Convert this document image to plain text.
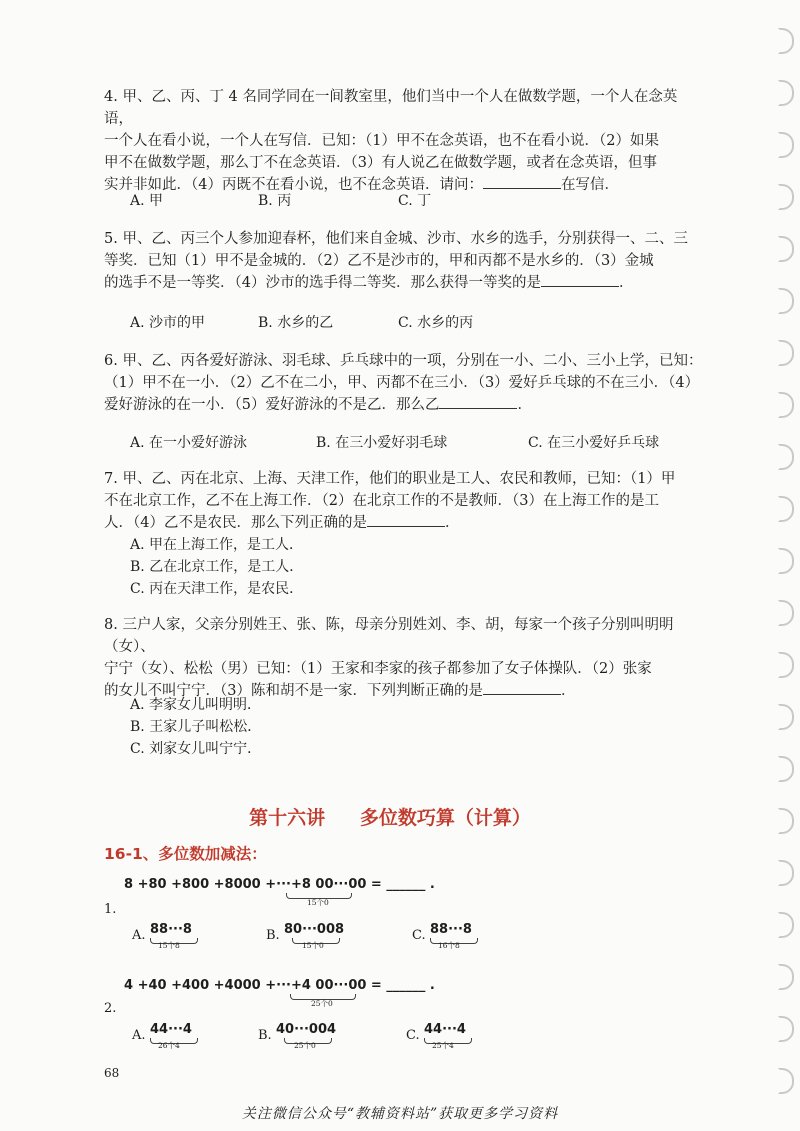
4. 甲、乙、丙、丁 4 名同学同在一间教室里，他们当中一个人在做数学题，一个人在念英语，

一个人在看小说，一个人在写信．已知：（1）甲不在念英语，也不在看小说．（2）如果

甲不在做数学题，那么丁不在念英语．（3）有人说乙在做数学题，或者在念英语，但事

实并非如此．（4）丙既不在看小说，也不在念英语．请问：	在写信．

A. 甲	B. 丙	C. 丁

5. 甲、乙、丙三个人参加迎春杯，他们来自金城、沙市、水乡的选手，分别获得一、二、三

等奖．已知（1）甲不是金城的．（2）乙不是沙市的，甲和丙都不是水乡的．（3）金城

的选手不是一等奖．（4）沙市的选手得二等奖．那么获得一等奖的是	．

A. 沙市的甲	B. 水乡的乙	C. 水乡的丙

6. 甲、乙、丙各爱好游泳、羽毛球、乒乓球中的一项，分别在一小、二小、三小上学，已知：

（1）甲不在一小．（2）乙不在二小，甲、丙都不在三小．（3）爱好乒乓球的不在三小．（4）

爱好游泳的在一小．（5）爱好游泳的不是乙．那么乙	．

A. 在一小爱好游泳	B. 在三小爱好羽毛球	C. 在三小爱好乒乓球

7. 甲、乙、丙在北京、上海、天津工作，他们的职业是工人、农民和教师，已知：（1）甲

不在北京工作，乙不在上海工作．（2）在北京工作的不是教师．（3）在上海工作的是工

人．（4）乙不是农民．那么下列正确的是	．

A. 甲在上海工作，是工人．
B. 乙在北京工作，是工人．
C. 丙在天津工作，是农民．

8. 三户人家，父亲分别姓王、张、陈，母亲分别姓刘、李、胡，每家一个孩子分别叫明明（女）、

宁宁（女）、松松（男）已知：（1）王家和李家的孩子都参加了女子体操队．（2）张家

的女儿不叫宁宁．（3）陈和胡不是一家．下列判断正确的是	．

A. 李家女儿叫明明．
B. 王家儿子叫松松．
C. 刘家女儿叫宁宁．
第十六讲 多位数巧算（计算）
16-1、多位数加减法：
8 +80 +800 +8000 +···+8 00···00 = ______ .
15个0
1.
A. 88···8
15个8
B. 80···008
15个0
C. 88···8
16个8
4 +40 +400 +4000 +···+4 00···00 = ______ .
25个0
2.
A. 44···4
26个4
B. 40···004
25个0
C. 44···4
25个4
68
关注微信公众号“教辅资料站”获取更多学习资料
